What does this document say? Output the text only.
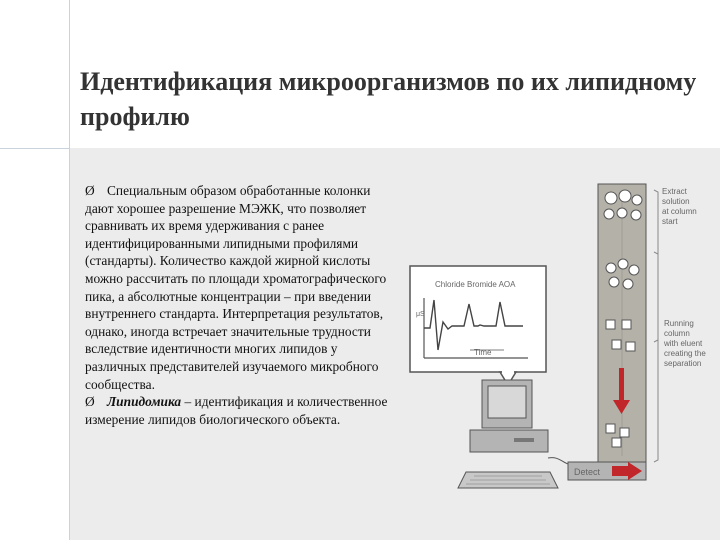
Идентификация микроорганизмов по их липидному профилю

Ø Специальным образом обработанные колонки дают хорошее разрешение МЭЖК, что позволяет сравнивать их время удерживания с ранее идентифицированными липидными профилями (стандарты). Количество каждой жирной кислоты можно рассчитать по площади хроматографического пика, а абсолютные концентрации – при введении внутреннего стандарта. Интерпретация результатов, однако, иногда встречает значительные трудности вследствие идентичности многих липидов у различных представителей изучаемого микробного сообщества.

Ø Липидомика – идентификация и количественное измерение липидов биологического объекта.

Chloride Bromide AOA
μS
Time
Detect
Extract
solution
at column
start
Running
column
with eluent
creating the
separation
